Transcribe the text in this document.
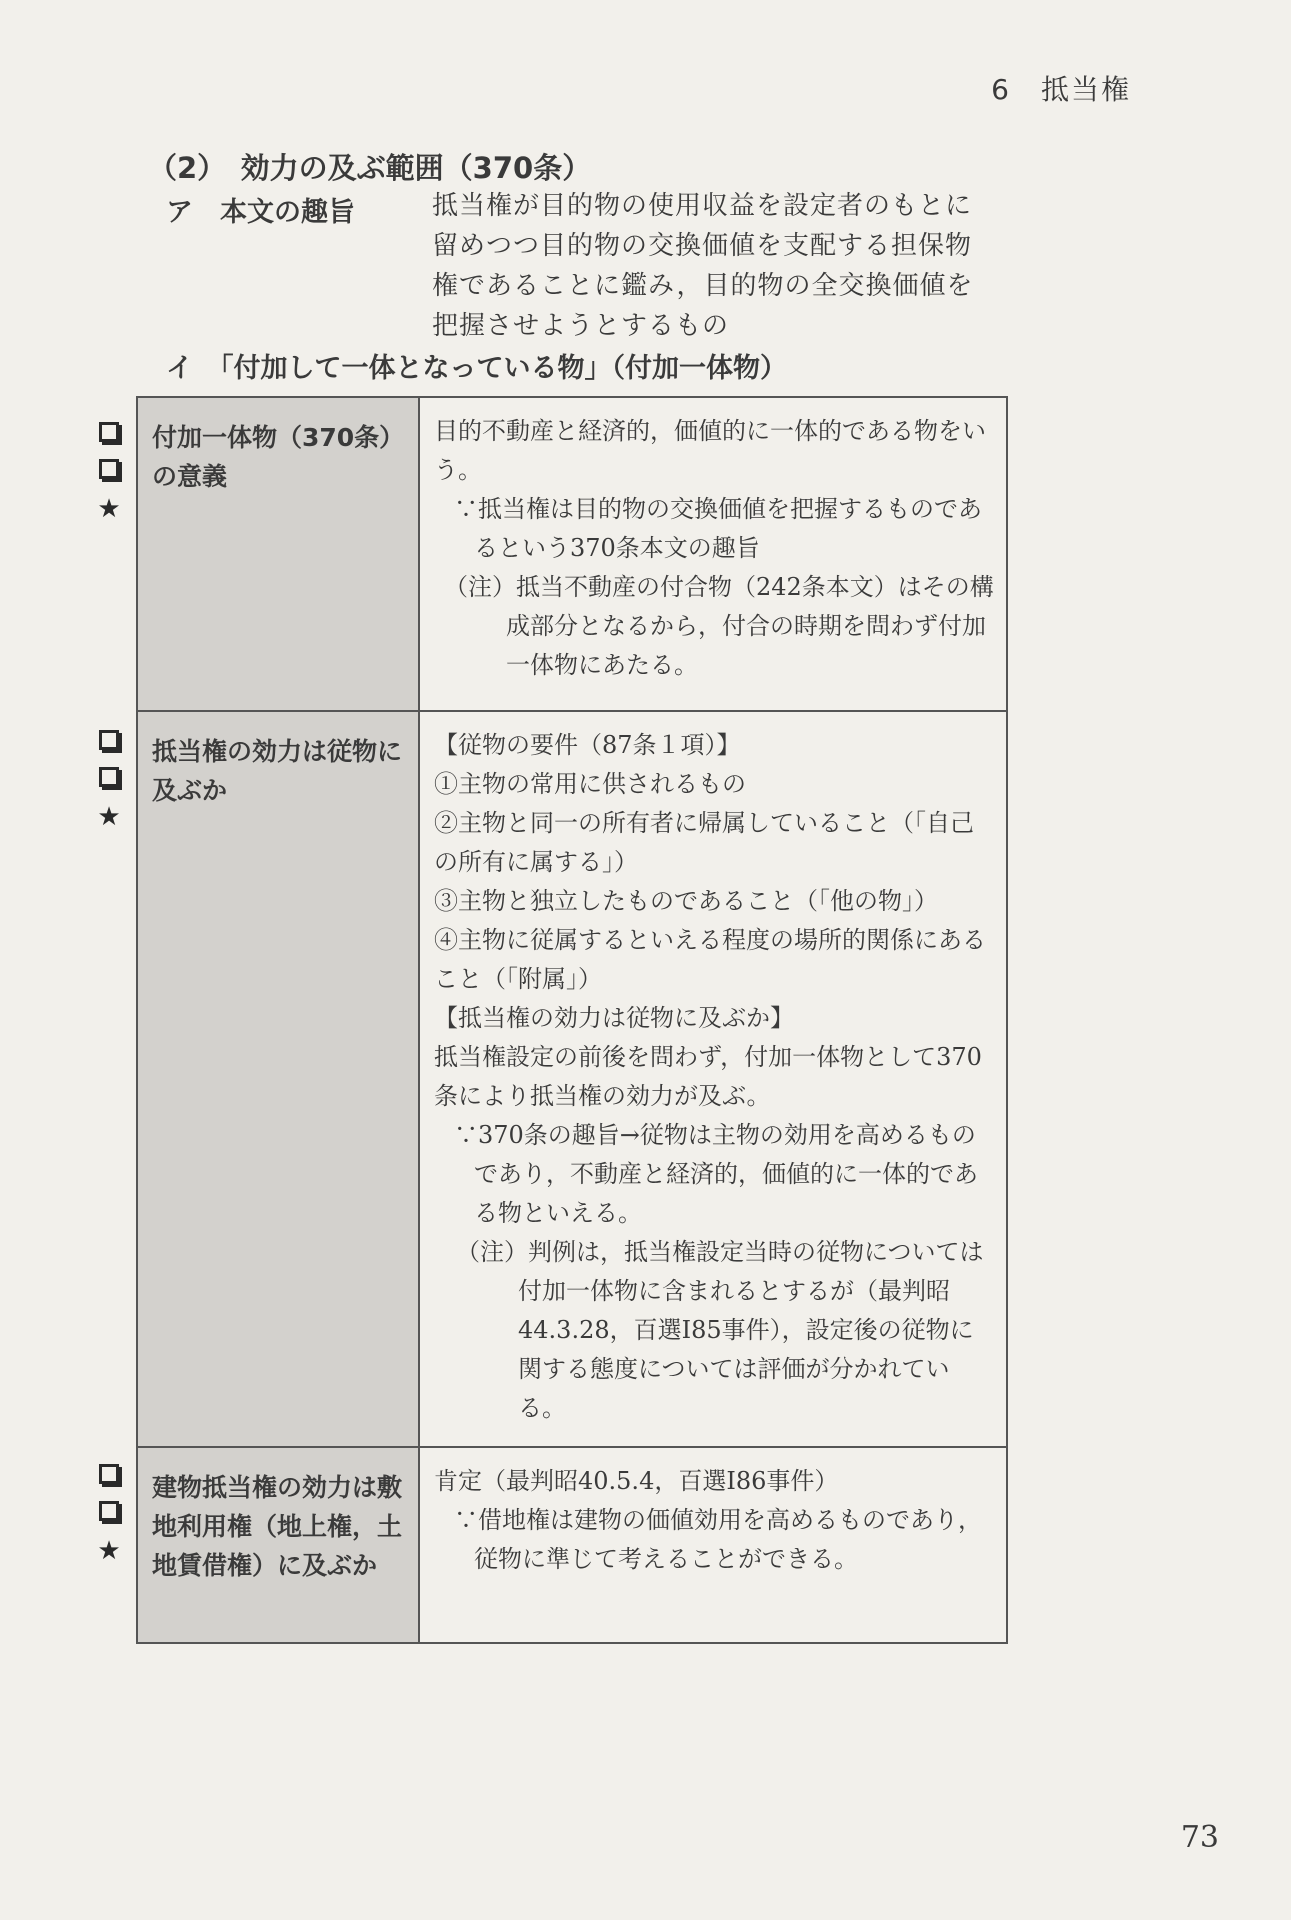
6　抵当権
（2）　効力の及ぶ範囲（370条）
ア　本文の趣旨	抵当権が目的物の使用収益を設定者のもとに留めつつ目的物の交換価値を支配する担保物権であることに鑑み，目的物の全交換価値を把握させようとするもの
イ　「付加して一体となっている物」（付加一体物）
★
★
★
付加一体物（370条）の意義

目的不動産と経済的，価値的に一体的である物をいう。

∵抵当権は目的物の交換価値を把握するものであるという370条本文の趣旨

（注）抵当不動産の付合物（242条本文）はその構成部分となるから，付合の時期を問わず付加一体物にあたる。

抵当権の効力は従物に及ぶか

【従物の要件（87条１項）】

①主物の常用に供されるもの

②主物と同一の所有者に帰属していること（「自己の所有に属する」）

③主物と独立したものであること（「他の物」）

④主物に従属するといえる程度の場所的関係にあること（「附属」）

【抵当権の効力は従物に及ぶか】

抵当権設定の前後を問わず，付加一体物として370条により抵当権の効力が及ぶ。

∵370条の趣旨→従物は主物の効用を高めるものであり，不動産と経済的，価値的に一体的である物といえる。

（注）判例は，抵当権設定当時の従物については付加一体物に含まれるとするが（最判昭44.3.28，百選Ⅰ85事件），設定後の従物に関する態度については評価が分かれている。

建物抵当権の効力は敷地利用権（地上権，土地賃借権）に及ぶか

肯定（最判昭40.5.4，百選Ⅰ86事件）

∵借地権は建物の価値効用を高めるものであり，従物に準じて考えることができる。

73
